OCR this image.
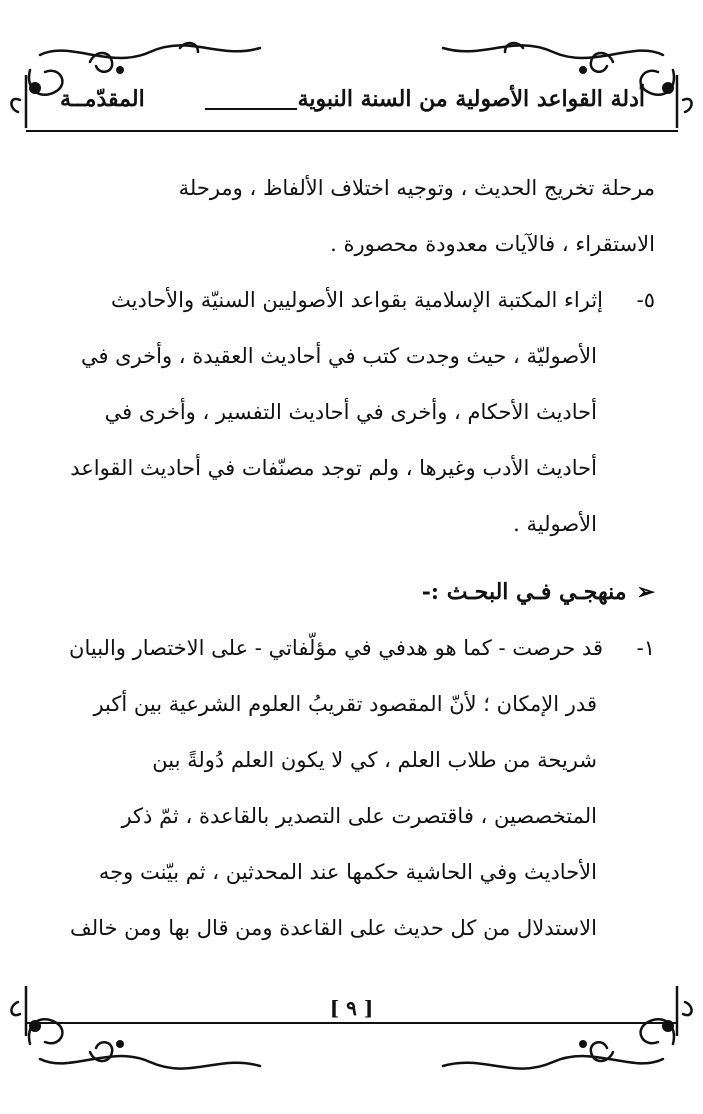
أدلة القواعد الأصولية من السنة النبوية
المقدّمــة
مرحلة تخريج الحديث ، وتوجيه اختلاف الألفاظ ، ومرحلة
الاستقراء ، فالآيات معدودة محصورة .
٥-إثراء المكتبة الإسلامية بقواعد الأصوليين السنيّة والأحاديث
الأصوليّة ، حيث وجدت كتب في أحاديث العقيدة ، وأخرى في
أحاديث الأحكام ، وأخرى في أحاديث التفسير ، وأخرى في
أحاديث الأدب وغيرها ، ولم توجد مصنّفات في أحاديث القواعد
الأصولية .
➢منهجـي فـي البحـث :-
١-قد حرصت - كما هو هدفي في مؤلّفاتي - على الاختصار والبيان
قدر الإمكان ؛ لأنّ المقصود تقريبُ العلوم الشرعية بين أكبر
شريحة من طلاب العلم ، كي لا يكون العلم دُولةً بين
المتخصصين ، فاقتصرت على التصدير بالقاعدة ، ثمّ ذكر
الأحاديث وفي الحاشية حكمها عند المحدثين ، ثم بيّنت وجه
الاستدلال من كل حديث على القاعدة ومن قال بها ومن خالف
[ ٩ ]
